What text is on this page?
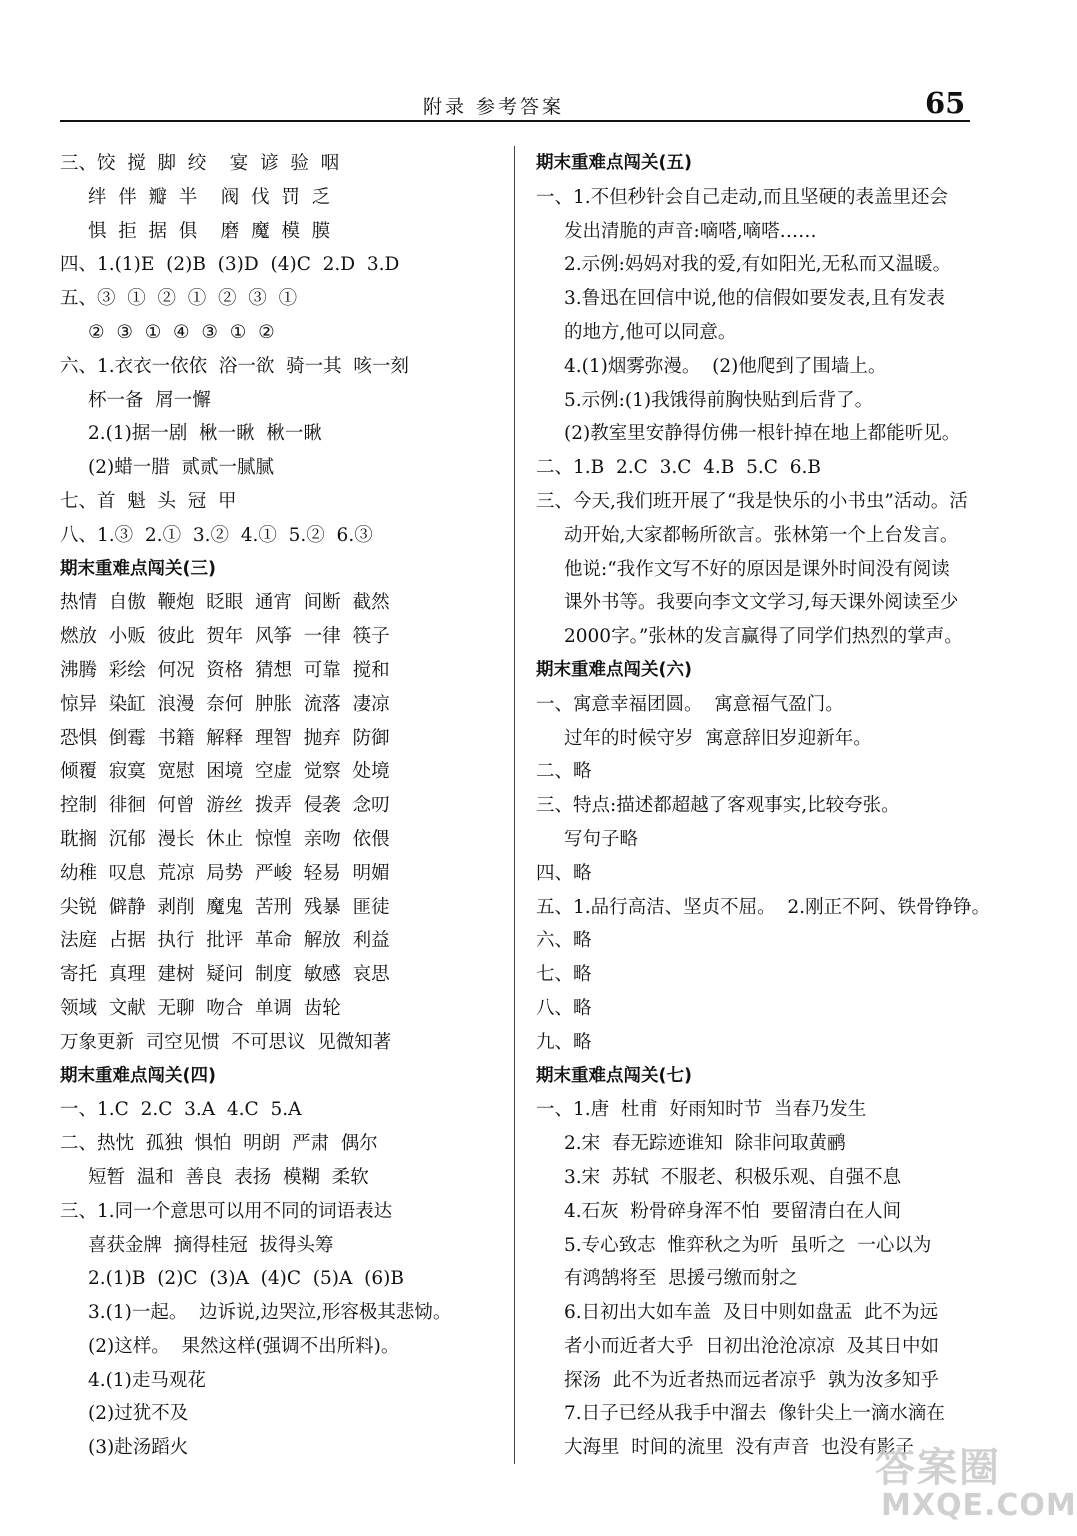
附录 参考答案	65
三、饺  搅  脚  绞    宴  谚  验  咽
绊  伴  瓣  半    阀  伐  罚  乏
惧  拒  据  俱    磨  魔  模  膜
四、1.(1)E  (2)B  (3)D  (4)C  2.D  3.D
五、③  ①  ②  ①  ②  ③  ①
②  ③  ①  ④  ③  ①  ②
六、1.衣衣一依依  浴一欲  骑一其  咳一刻
杯一备  屑一懈
2.(1)据一剧  楸一瞅  楸一瞅
(2)蜡一腊  贰贰一腻腻
七、首  魁  头  冠  甲
八、1.③  2.①  3.②  4.①  5.②  6.③
期末重难点闯关(三)
热情  自傲  鞭炮  眨眼  通宵  间断  截然
燃放  小贩  彼此  贺年  风筝  一律  筷子
沸腾  彩绘  何况  资格  猜想  可靠  搅和
惊异  染缸  浪漫  奈何  肿胀  流落  凄凉
恐惧  倒霉  书籍  解释  理智  抛弃  防御
倾覆  寂寞  宽慰  困境  空虚  觉察  处境
控制  徘徊  何曾  游丝  拨弄  侵袭  念叨
耽搁  沉郁  漫长  休止  惊惶  亲吻  依偎
幼稚  叹息  荒凉  局势  严峻  轻易  明媚
尖锐  僻静  剥削  魔鬼  苦刑  残暴  匪徒
法庭  占据  执行  批评  革命  解放  利益
寄托  真理  建树  疑问  制度  敏感  哀思
领域  文献  无聊  吻合  单调  齿轮
万象更新  司空见惯  不可思议  见微知著
期末重难点闯关(四)
一、1.C  2.C  3.A  4.C  5.A
二、热忱  孤独  惧怕  明朗  严肃  偶尔
短暂  温和  善良  表扬  模糊  柔软
三、1.同一个意思可以用不同的词语表达
喜获金牌  摘得桂冠  拔得头筹
2.(1)B  (2)C  (3)A  (4)C  (5)A  (6)B
3.(1)一起。  边诉说,边哭泣,形容极其悲恸。
(2)这样。  果然这样(强调不出所料)。
4.(1)走马观花
(2)过犹不及
(3)赴汤蹈火
期末重难点闯关(五)
一、1.不但秒针会自己走动,而且坚硬的表盖里还会
发出清脆的声音:嘀嗒,嘀嗒……
2.示例:妈妈对我的爱,有如阳光,无私而又温暖。
3.鲁迅在回信中说,他的信假如要发表,且有发表
的地方,他可以同意。
4.(1)烟雾弥漫。  (2)他爬到了围墙上。
5.示例:(1)我饿得前胸快贴到后背了。
(2)教室里安静得仿佛一根针掉在地上都能听见。
二、1.B  2.C  3.C  4.B  5.C  6.B
三、今天,我们班开展了“我是快乐的小书虫”活动。活
动开始,大家都畅所欲言。张林第一个上台发言。
他说:“我作文写不好的原因是课外时间没有阅读
课外书等。我要向李文文学习,每天课外阅读至少
2000字。”张林的发言赢得了同学们热烈的掌声。
期末重难点闯关(六)
一、寓意幸福团圆。  寓意福气盈门。
过年的时候守岁  寓意辞旧岁迎新年。
二、略
三、特点:描述都超越了客观事实,比较夸张。
写句子略
四、略
五、1.品行高洁、坚贞不屈。  2.刚正不阿、铁骨铮铮。
六、略
七、略
八、略
九、略
期末重难点闯关(七)
一、1.唐  杜甫  好雨知时节  当春乃发生
2.宋  春无踪迹谁知  除非问取黄鹂
3.宋  苏轼  不服老、积极乐观、自强不息
4.石灰  粉骨碎身浑不怕  要留清白在人间
5.专心致志  惟弈秋之为听  虽听之  一心以为
有鸿鹄将至  思援弓缴而射之
6.日初出大如车盖  及日中则如盘盂  此不为远
者小而近者大乎  日初出沧沧凉凉  及其日中如
探汤  此不为近者热而远者凉乎  孰为汝多知乎
7.日子已经从我手中溜去  像针尖上一滴水滴在
大海里  时间的流里  没有声音  也没有影子
答案圈
MXQE.COM
